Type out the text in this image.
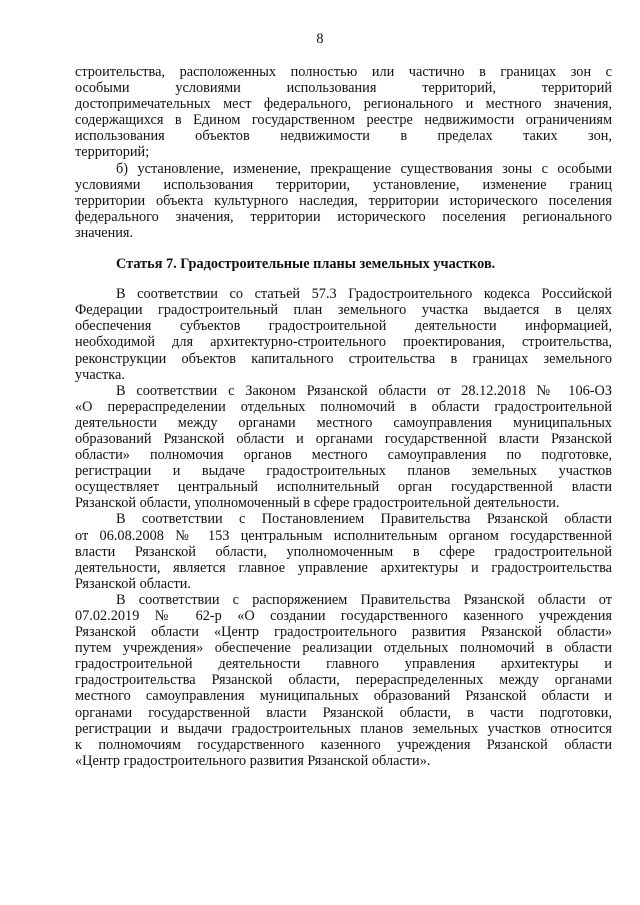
8
строительства, расположенных полностью или частично в границах зон с
особыми условиями использования территорий, территорий
достопримечательных мест федерального, регионального и местного значения,
содержащихся в Едином государственном реестре недвижимости ограничениям
использования объектов недвижимости в пределах таких зон,
территорий;
б) установление, изменение, прекращение существования зоны с особыми
условиями использования территории, установление, изменение границ
территории объекта культурного наследия, территории исторического поселения
федерального значения, территории исторического поселения регионального
значения.
Статья 7. Градостроительные планы земельных участков.
В соответствии со статьей 57.3 Градостроительного кодекса Российской
Федерации градостроительный план земельного участка выдается в целях
обеспечения субъектов градостроительной деятельности информацией,
необходимой для архитектурно-строительного проектирования, строительства,
реконструкции объектов капитального строительства в границах земельного
участка.
В соответствии с Законом Рязанской области от 28.12.2018 № 106-ОЗ
«О перераспределении отдельных полномочий в области градостроительной
деятельности между органами местного самоуправления муниципальных
образований Рязанской области и органами государственной власти Рязанской
области» полномочия органов местного самоуправления по подготовке,
регистрации и выдаче градостроительных планов земельных участков
осуществляет центральный исполнительный орган государственной власти
Рязанской области, уполномоченный в сфере градостроительной деятельности.
В соответствии с Постановлением Правительства Рязанской области
от 06.08.2008 № 153 центральным исполнительным органом государственной
власти Рязанской области, уполномоченным в сфере градостроительной
деятельности, является главное управление архитектуры и градостроительства
Рязанской области.
В соответствии с распоряжением Правительства Рязанской области от
07.02.2019 № 62-р «О создании государственного казенного учреждения
Рязанской области «Центр градостроительного развития Рязанской области»
путем учреждения» обеспечение реализации отдельных полномочий в области
градостроительной деятельности главного управления архитектуры и
градостроительства Рязанской области, перераспределенных между органами
местного самоуправления муниципальных образований Рязанской области и
органами государственной власти Рязанской области, в части подготовки,
регистрации и выдачи градостроительных планов земельных участков относится
к полномочиям государственного казенного учреждения Рязанской области
«Центр градостроительного развития Рязанской области».
